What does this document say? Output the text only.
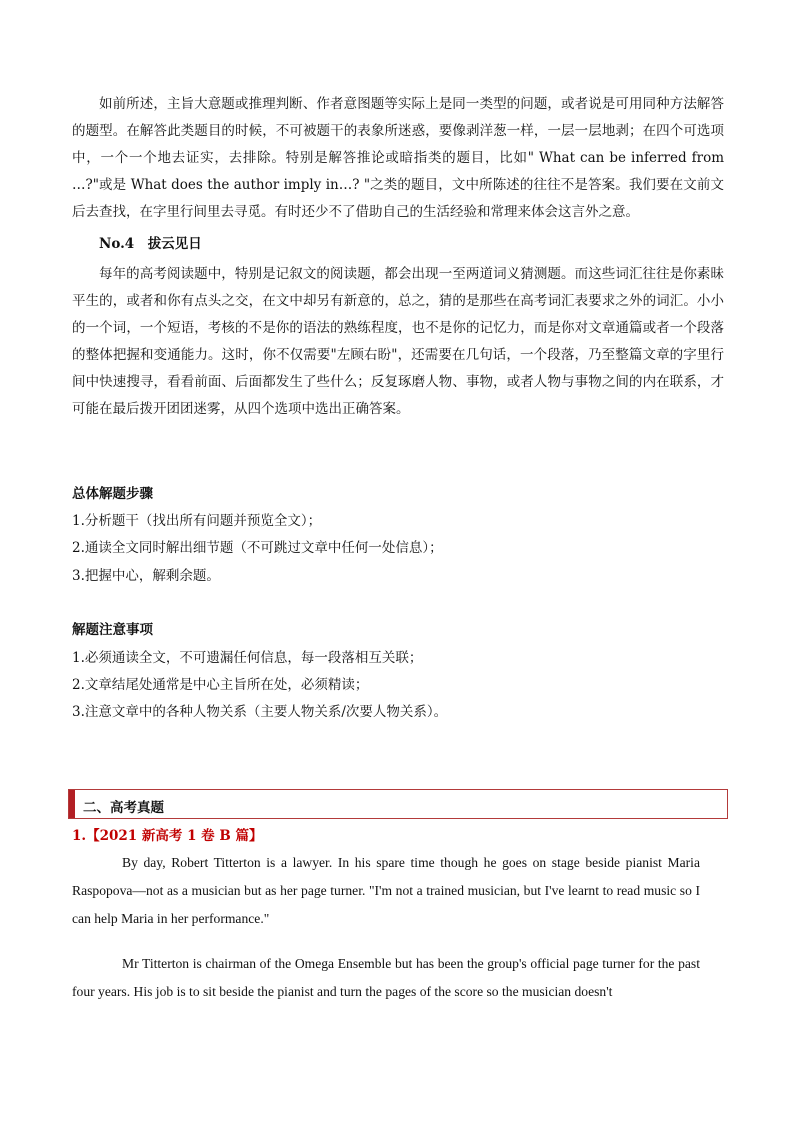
如前所述，主旨大意题或推理判断、作者意图题等实际上是同一类型的问题，或者说是可用同种方法解答的题型。在解答此类题目的时候，不可被题干的表象所迷惑，要像剥洋葱一样，一层一层地剥；在四个可选项中，一个一个地去证实，去排除。特别是解答推论或暗指类的题目，比如" What can be inferred from …?"或是 What does the author imply in…? "之类的题目，文中所陈述的往往不是答案。我们要在文前文后去查找，在字里行间里去寻觅。有时还少不了借助自己的生活经验和常理来体会这言外之意。

No.4　拔云见日

每年的高考阅读题中，特别是记叙文的阅读题，都会出现一至两道词义猜测题。而这些词汇往往是你素昧平生的，或者和你有点头之交，在文中却另有新意的，总之，猜的是那些在高考词汇表要求之外的词汇。小小的一个词，一个短语，考核的不是你的语法的熟练程度，也不是你的记忆力，而是你对文章通篇或者一个段落的整体把握和变通能力。这时，你不仅需要"左顾右盼"，还需要在几句话，一个段落，乃至整篇文章的字里行间中快速搜寻，看看前面、后面都发生了些什么；反复琢磨人物、事物，或者人物与事物之间的内在联系，才可能在最后拨开团团迷雾，从四个选项中选出正确答案。

总体解题步骤
1.分析题干（找出所有问题并预览全文）；
2.通读全文同时解出细节题（不可跳过文章中任何一处信息）；
3.把握中心，解剩余题。
解题注意事项
1.必须通读全文，不可遗漏任何信息，每一段落相互关联；
2.文章结尾处通常是中心主旨所在处，必须精读；
3.注意文章中的各种人物关系（主要人物关系/次要人物关系）。
二、高考真题
1.【2021 新高考 1 卷 B 篇】

By day, Robert Titterton is a lawyer. In his spare time though he goes on stage beside pianist Maria Raspopova—not as a musician but as her page turner. "I'm not a trained musician, but I've learnt to read music so I can help Maria in her performance."

Mr Titterton is chairman of the Omega Ensemble but has been the group's official page turner for the past four years. His job is to sit beside the pianist and turn the pages of the score so the musician doesn't
